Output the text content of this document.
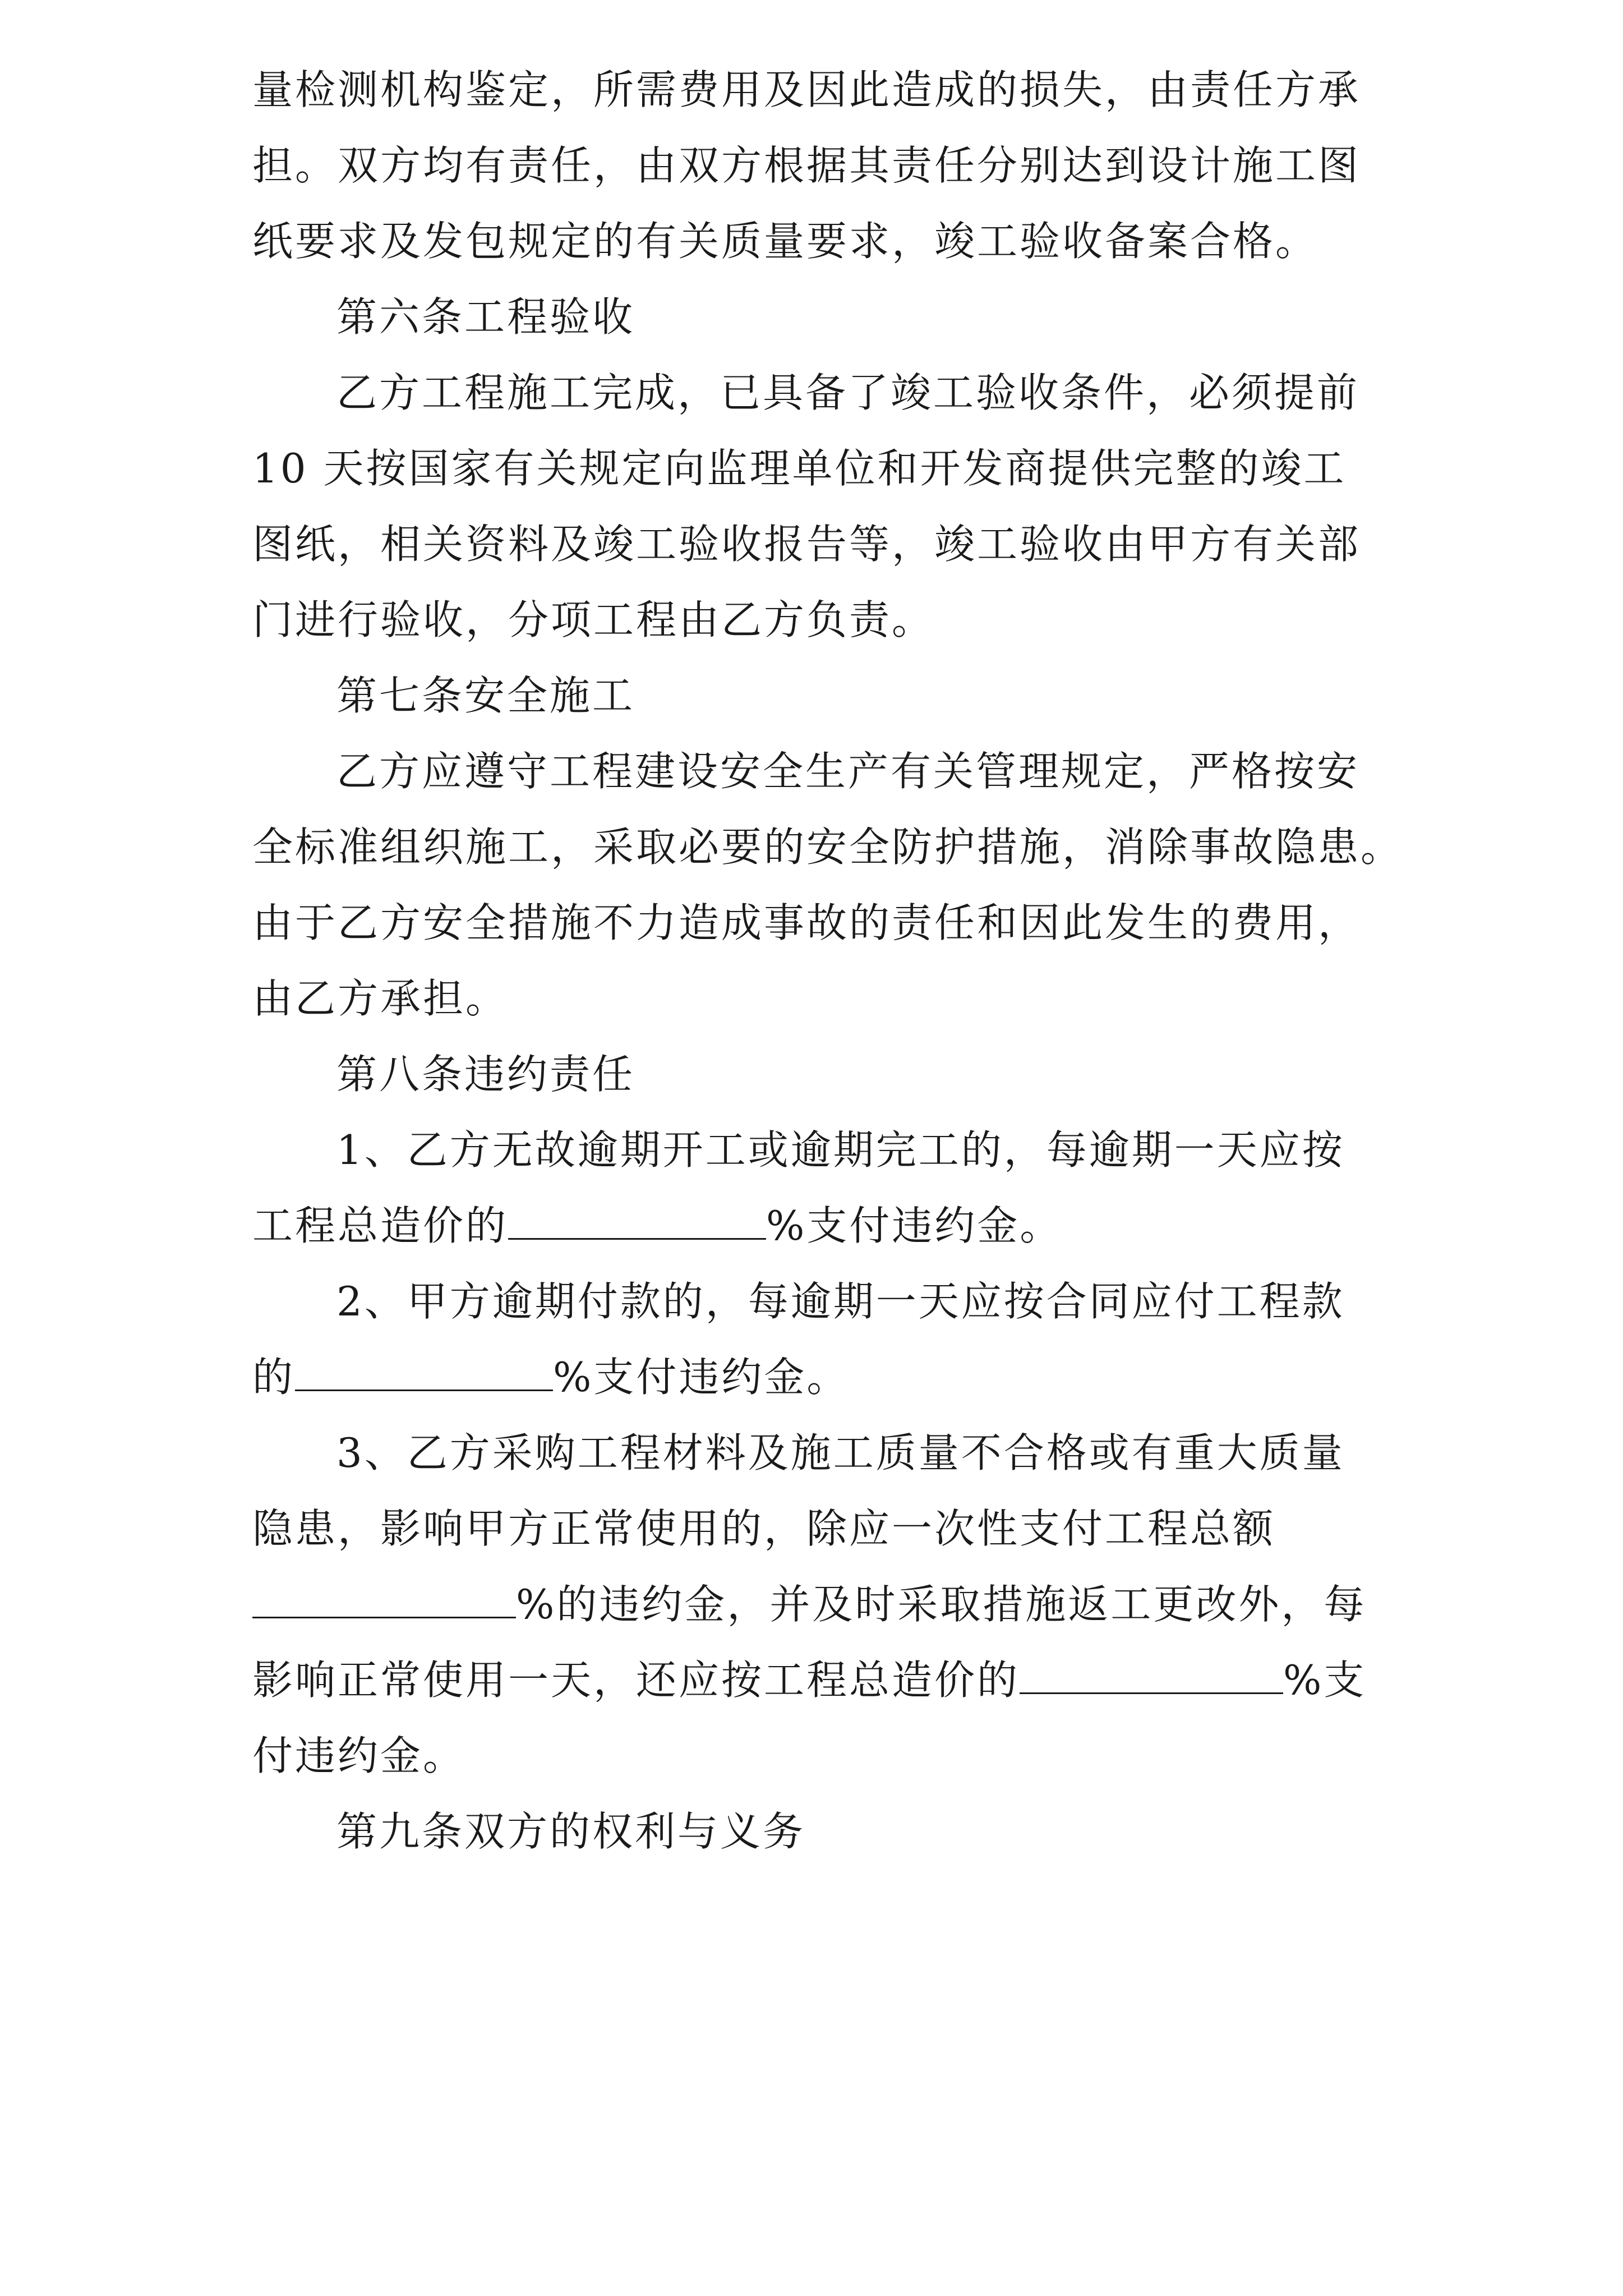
量检测机构鉴定，所需费用及因此造成的损失，由责任方承
担。双方均有责任，由双方根据其责任分别达到设计施工图
纸要求及发包规定的有关质量要求，竣工验收备案合格。
第六条工程验收
乙方工程施工完成，已具备了竣工验收条件，必须提前
10 天按国家有关规定向监理单位和开发商提供完整的竣工
图纸，相关资料及竣工验收报告等，竣工验收由甲方有关部
门进行验收，分项工程由乙方负责。
第七条安全施工
乙方应遵守工程建设安全生产有关管理规定，严格按安
全标准组织施工，采取必要的安全防护措施，消除事故隐患。
由于乙方安全措施不力造成事故的责任和因此发生的费用，
由乙方承担。
第八条违约责任
1、乙方无故逾期开工或逾期完工的，每逾期一天应按
工程总造价的	%支付违约金。
2、甲方逾期付款的，每逾期一天应按合同应付工程款
的	%支付违约金。
3、乙方采购工程材料及施工质量不合格或有重大质量
隐患，影响甲方正常使用的，除应一次性支付工程总额
%的违约金，并及时采取措施返工更改外，每
影响正常使用一天，还应按工程总造价的	%支
付违约金。
第九条双方的权利与义务
